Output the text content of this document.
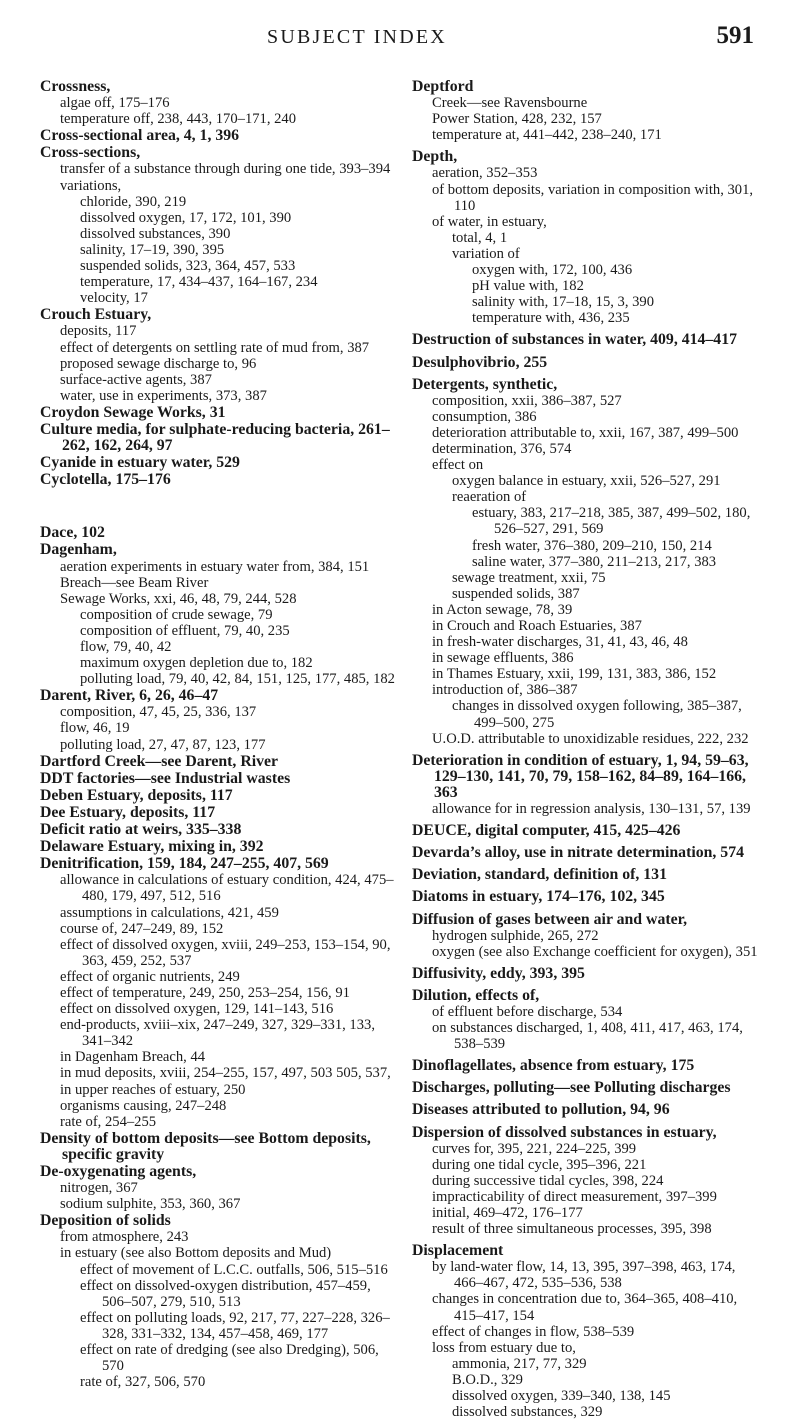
SUBJECT INDEX	591
Crossness,
algae off, 175–176
temperature off, 238, 443, 170–171, 240
Cross-sectional area, 4, 1, 396
Cross-sections,
transfer of a substance through during one tide, 393–394
variations,
chloride, 390, 219
dissolved oxygen, 17, 172, 101, 390
dissolved substances, 390
salinity, 17–19, 390, 395
suspended solids, 323, 364, 457, 533
temperature, 17, 434–437, 164–167, 234
velocity, 17
Crouch Estuary,
deposits, 117
effect of detergents on settling rate of mud from, 387
proposed sewage discharge to, 96
surface-active agents, 387
water, use in experiments, 373, 387
Croydon Sewage Works, 31
Culture media, for sulphate-reducing bacteria, 261–262, 162, 264, 97
Cyanide in estuary water, 529
Cyclotella, 175–176
Dace, 102
Dagenham,
aeration experiments in estuary water from, 384, 151
Breach—see Beam River
Sewage Works, xxi, 46, 48, 79, 244, 528
composition of crude sewage, 79
composition of effluent, 79, 40, 235
flow, 79, 40, 42
maximum oxygen depletion due to, 182
polluting load, 79, 40, 42, 84, 151, 125, 177, 485, 182
Darent, River, 6, 26, 46–47
composition, 47, 45, 25, 336, 137
flow, 46, 19
polluting load, 27, 47, 87, 123, 177
Dartford Creek—see Darent, River
DDT factories—see Industrial wastes
Deben Estuary, deposits, 117
Dee Estuary, deposits, 117
Deficit ratio at weirs, 335–338
Delaware Estuary, mixing in, 392
Denitrification, 159, 184, 247–255, 407, 569
allowance in calculations of estuary condition, 424, 475–480, 179, 497, 512, 516
assumptions in calculations, 421, 459
course of, 247–249, 89, 152
effect of dissolved oxygen, xviii, 249–253, 153–154, 90, 363, 459, 252, 537
effect of organic nutrients, 249
effect of temperature, 249, 250, 253–254, 156, 91
effect on dissolved oxygen, 129, 141–143, 516
end-products, xviii–xix, 247–249, 327, 329–331, 133, 341–342
in Dagenham Breach, 44
in mud deposits, xviii, 254–255, 157, 497, 503 505, 537,
in upper reaches of estuary, 250
organisms causing, 247–248
rate of, 254–255
Density of bottom deposits—see Bottom deposits, specific gravity
De-oxygenating agents,
nitrogen, 367
sodium sulphite, 353, 360, 367
Deposition of solids
from atmosphere, 243
in estuary (see also Bottom deposits and Mud)
effect of movement of L.C.C. outfalls, 506, 515–516
effect on dissolved-oxygen distribution, 457–459, 506–507, 279, 510, 513
effect on polluting loads, 92, 217, 77, 227–228, 326–328, 331–332, 134, 457–458, 469, 177
effect on rate of dredging (see also Dredging), 506, 570
rate of, 327, 506, 570
Deptford
Creek—see Ravensbourne
Power Station, 428, 232, 157
temperature at, 441–442, 238–240, 171
Depth,
aeration, 352–353
of bottom deposits, variation in composition with, 301, 110
of water, in estuary,
total, 4, 1
variation of
oxygen with, 172, 100, 436
pH value with, 182
salinity with, 17–18, 15, 3, 390
temperature with, 436, 235
Destruction of substances in water, 409, 414–417
Desulphovibrio, 255
Detergents, synthetic,
composition, xxii, 386–387, 527
consumption, 386
deterioration attributable to, xxii, 167, 387, 499–500
determination, 376, 574
effect on
oxygen balance in estuary, xxii, 526–527, 291
reaeration of
estuary, 383, 217–218, 385, 387, 499–502, 180, 526–527, 291, 569
fresh water, 376–380, 209–210, 150, 214
saline water, 377–380, 211–213, 217, 383
sewage treatment, xxii, 75
suspended solids, 387
in Acton sewage, 78, 39
in Crouch and Roach Estuaries, 387
in fresh-water discharges, 31, 41, 43, 46, 48
in sewage effluents, 386
in Thames Estuary, xxii, 199, 131, 383, 386, 152
introduction of, 386–387
changes in dissolved oxygen following, 385–387, 499–500, 275
U.O.D. attributable to unoxidizable residues, 222, 232
Deterioration in condition of estuary, 1, 94, 59–63, 129–130, 141, 70, 79, 158–162, 84–89, 164–166, 363
allowance for in regression analysis, 130–131, 57, 139
DEUCE, digital computer, 415, 425–426
Devarda’s alloy, use in nitrate determination, 574
Deviation, standard, definition of, 131
Diatoms in estuary, 174–176, 102, 345
Diffusion of gases between air and water,
hydrogen sulphide, 265, 272
oxygen (see also Exchange coefficient for oxygen), 351
Diffusivity, eddy, 393, 395
Dilution, effects of,
of effluent before discharge, 534
on substances discharged, 1, 408, 411, 417, 463, 174, 538–539
Dinoflagellates, absence from estuary, 175
Discharges, polluting—see Polluting discharges
Diseases attributed to pollution, 94, 96
Dispersion of dissolved substances in estuary,
curves for, 395, 221, 224–225, 399
during one tidal cycle, 395–396, 221
during successive tidal cycles, 398, 224
impracticability of direct measurement, 397–399
initial, 469–472, 176–177
result of three simultaneous processes, 395, 398
Displacement
by land-water flow, 14, 13, 395, 397–398, 463, 174, 466–467, 472, 535–536, 538
changes in concentration due to, 364–365, 408–410, 415–417, 154
effect of changes in flow, 538–539
loss from estuary due to,
ammonia, 217, 77, 329
B.O.D., 329
dissolved oxygen, 339–340, 138, 145
dissolved substances, 329
